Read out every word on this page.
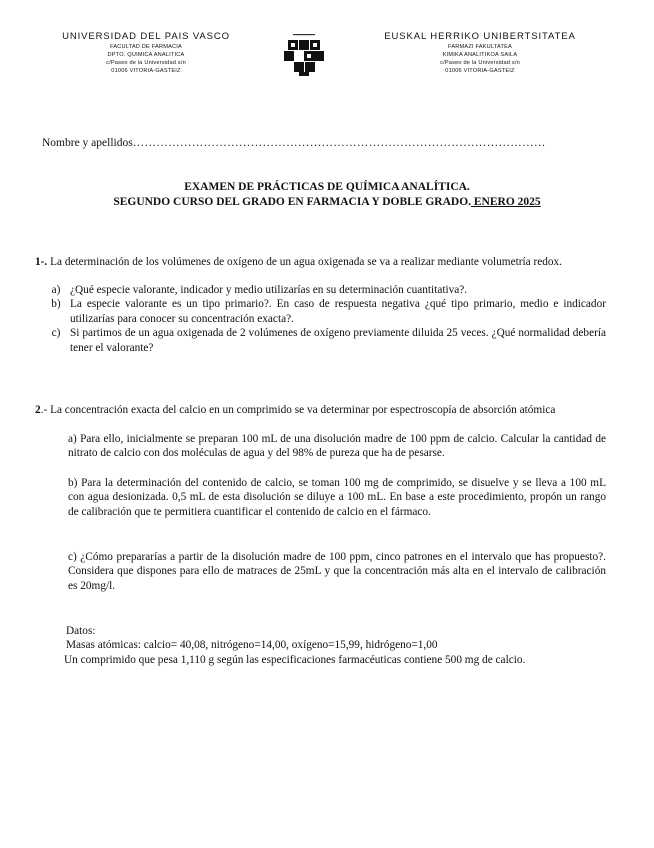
UNIVERSIDAD DEL PAIS VASCO
FACULTAD DE FARMACIA
DPTO. QUIMICA ANALITICA
c/Paseo de la Universidad s/n
01006 VITORIA-GASTEIZ
EUSKAL HERRIKO UNIBERTSITATEA
FARMAZI FAKULTATEA
KIMIKA ANALITIKOA SAILA
c/Paseo de la Universidad s/n
01006 VITORIA-GASTEIZ
Nombre y apellidos……………………………………………………………………………………………
EXAMEN DE PRÁCTICAS DE QUÍMICA ANALÍTICA.
SEGUNDO CURSO DEL GRADO EN FARMACIA Y DOBLE GRADO. ENERO 2025
1-. La determinación de los volúmenes de oxígeno de un agua oxigenada se va a realizar mediante volumetría redox.
a) ¿Qué especie valorante, indicador y medio utilizarías en su determinación cuantitativa?.
b) La especie valorante es un tipo primario?. En caso de respuesta negativa ¿qué tipo primario, medio e indicador utilizarías para conocer su concentración exacta?.
c) Si partimos de un agua oxigenada de 2 volúmenes de oxígeno previamente diluida 25 veces. ¿Qué normalidad debería tener el valorante?
2.- La concentración exacta del calcio en un comprimido se va determinar por espectroscopía de absorción atómica
a) Para ello, inicialmente se preparan 100 mL de una disolución madre de 100 ppm de calcio. Calcular la cantidad de nitrato de calcio con dos moléculas de agua y del 98% de pureza que ha de pesarse.
b) Para la determinación del contenido de calcio, se toman 100 mg de comprimido, se disuelve y se lleva a 100 mL con agua desionizada. 0,5 mL de esta disolución se diluye a 100 mL. En base a este procedimiento, propón un rango de calibración que te permitiera cuantificar el contenido de calcio en el fármaco.
c) ¿Cómo prepararías a partir de la disolución madre de 100 ppm, cinco patrones en el intervalo que has propuesto?. Considera que dispones para ello de matraces de 25mL y que la concentración más alta en el intervalo de calibración es 20mg/l.
Datos:
Masas atómicas: calcio= 40,08, nitrógeno=14,00, oxígeno=15,99, hidrógeno=1,00
Un comprimido que pesa 1,110 g según las especificaciones farmacéuticas contiene 500 mg de calcio.
